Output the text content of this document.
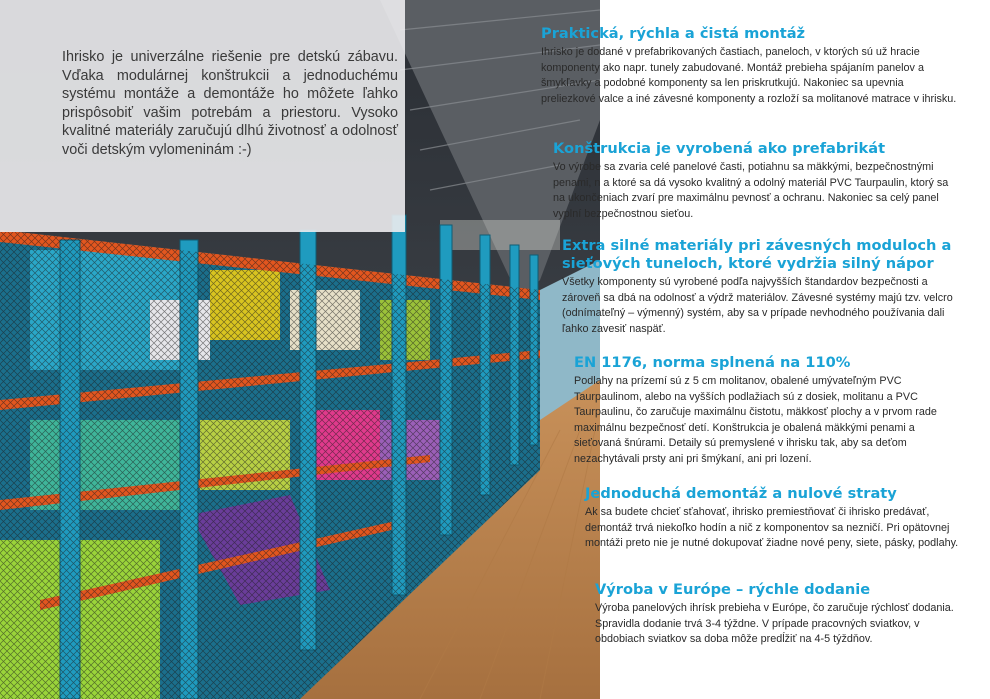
Ihrisko je univerzálne riešenie pre detskú zábavu. Vďaka modulárnej konštrukcii a jednoduchému systému montáže a demontáže ho môžete ľahko prispôsobiť vašim potrebám a priestoru. Vysoko kvalitné materiály zaručujú dlhú životnosť a odolnosť voči detským vylomeninám :-)

Praktická, rýchla a čistá montáž

Ihrisko je dodané v prefabrikovaných častiach, paneloch, v ktorých sú už hracie komponenty ako napr. tunely zabudované. Montáž prebieha spájaním panelov a šmykľavky a podobné komponenty sa len priskrutkujú. Nakoniec sa upevnia preliezkové valce a iné závesné komponenty a rozloží sa molitanové matrace v ihrisku.

Konštrukcia je vyrobená ako prefabrikát

Vo výrobe sa zvaria celé panelové časti, potiahnu sa mäkkými, bezpečnostnými penami, n a ktoré sa dá vysoko kvalitný a odolný materiál PVC Taurpaulin, ktorý sa na ukončeniach zvarí pre maximálnu pevnosť a ochranu. Nakoniec sa celý panel vyplní bezpečnostnou sieťou.

Extra silné materiály pri závesných moduloch a sieťových tuneloch, ktoré vydržia silný nápor

Všetky komponenty sú vyrobené podľa najvyšších štandardov bezpečnosti a zároveň sa dbá na odolnosť a výdrž materiálov. Závesné systémy majú tzv. velcro (odnímateľný – výmenný) systém, aby sa v prípade nevhodného používania dali ľahko zavesiť naspäť.

EN 1176, norma splnená na 110%

Podlahy na prízemí sú z 5 cm molitanov, obalené umývateľným PVC Taurpaulinom, alebo na vyšších podlažiach sú z dosiek, molitanu a PVC Taurpaulinu, čo zaručuje maximálnu čistotu, mäkkosť plochy a v prvom rade maximálnu bezpečnosť detí. Konštrukcia je obalená mäkkými penami a sieťovaná šnúrami. Detaily sú premyslené v ihrisku tak, aby sa deťom nezachytávali prsty ani pri šmýkaní, ani pri lození.

Jednoduchá demontáž a nulové straty

Ak sa budete chcieť sťahovať, ihrisko premiestňovať či ihrisko predávať, demontáž trvá niekoľko hodín a nič z komponentov sa nezničí. Pri opätovnej montáži preto nie je nutné dokupovať žiadne nové peny, siete, pásky, podlahy.

Výroba v Európe – rýchle dodanie

Výroba panelových ihrísk prebieha v Európe, čo zaručuje rýchlosť dodania. Spravidla dodanie trvá 3-4 týždne. V prípade pracovných sviatkov, v obdobiach sviatkov sa doba môže predĺžiť na 4-5 týždňov.
